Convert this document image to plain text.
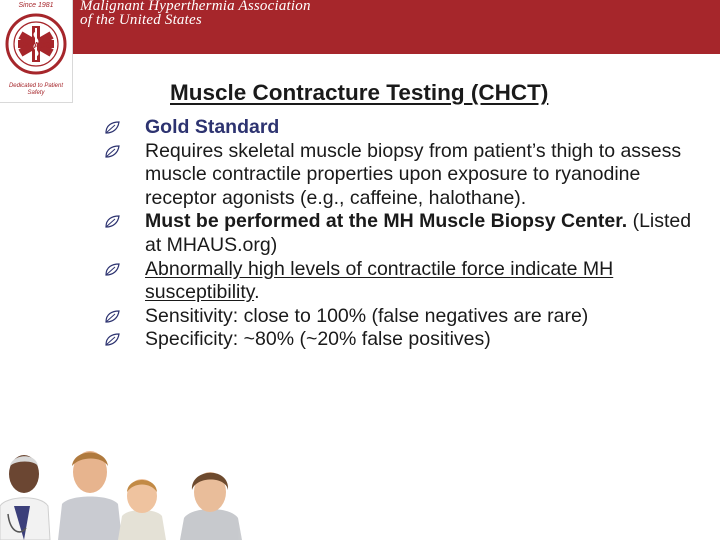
Malignant Hyperthermia Association
of the United States
Since 1981
MHAUS
Dedicated to Patient Safety	Muscle Contracture Testing (CHCT)
Gold Standard
Requires skeletal muscle biopsy from patient’s thigh to assess muscle contractile properties upon exposure to ryanodine receptor agonists (e.g., caffeine, halothane).
Must be performed at the MH Muscle Biopsy Center. (Listed at MHAUS.org)
Abnormally high levels of contractile force indicate MH susceptibility.
Sensitivity: close to 100% (false negatives are rare)
Specificity: ~80% (~20% false positives)
